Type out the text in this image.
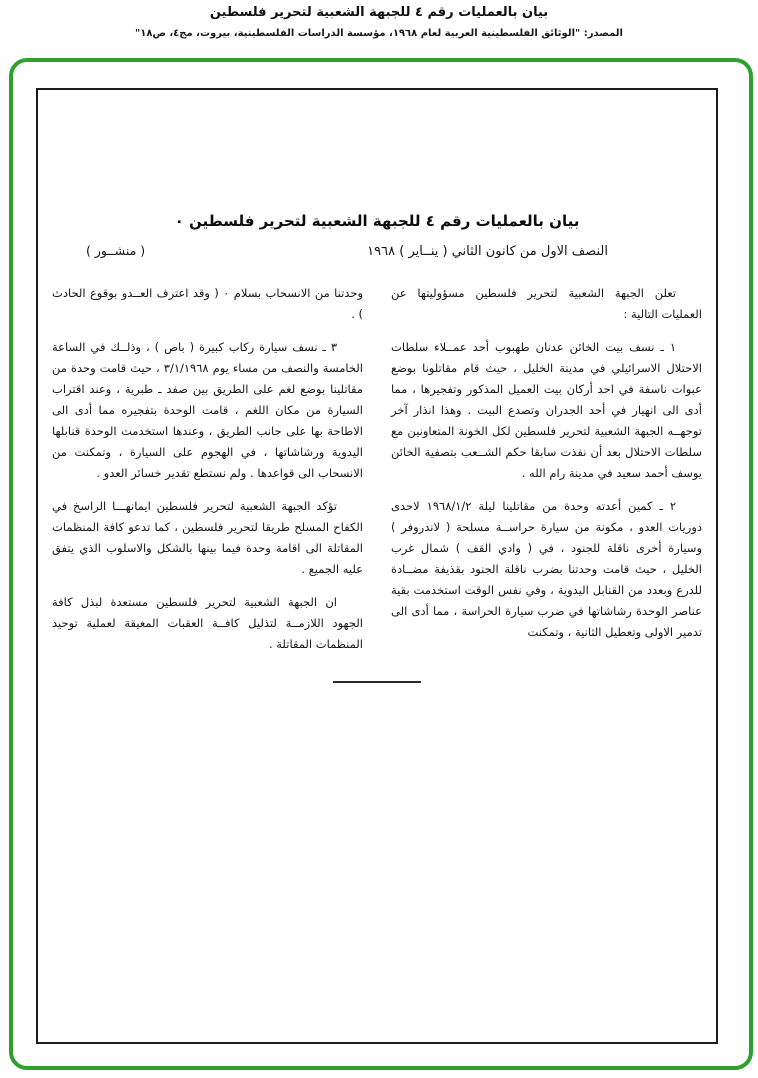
بيان بالعمليات رقم ٤ للجبهة الشعبية لتحرير فلسطين
المصدر: "الوثائق الفلسطينية العربية لعام ١٩٦٨، مؤسسة الدراسات الفلسطينية، بيروت، مج٤، ص١٨"
بيان بالعمليات رقم ٤ للجبهة الشعبية لتحرير فلسطين ٠
النصف الاول من كانون الثاني ( ينــاير ) ١٩٦٨
( منشــور )

تعلن الجبهة الشعبية لتحرير فلسطين مسؤوليتها عن العمليات التالية :

١ ـ نسف بيت الخائن عدنان طهبوب أحد عمــلاء سلطات الاحتلال الاسرائيلي في مدينة الخليل ، حيث قام مقاتلونا بوضع عبوات ناسفة في احد أركان بيت العميل المذكور وتفجيرها ، مما أدى الى انهيار في أحد الجدران وتصدع البيت . وهذا انذار آخر توجهــه الجبهة الشعبية لتحرير فلسطين لكل الخونة المتعاونين مع سلطات الاحتلال بعد أن نفذت سابقا حكم الشــعب بتصفية الخائن يوسف أحمد سعيد في مدينة رام الله .

٢ ـ كمين أعدته وحدة من مقاتلينا ليلة ١٩٦٨/١/٢ لاحدى دوريات العدو ، مكونة من سيارة حراســة مسلحة ( لاندروفر ) وسيارة أخرى ناقلة للجنود ، في ( وادي القف ) شمال غرب الخليل ، حيث قامت وحدتنا بضرب ناقلة الجنود بقذيفة مضــادة للدرع وبعدد من القنابل اليدوية ، وفي نفس الوقت استخدمت بقية عناصر الوحدة رشاشاتها في ضرب سيارة الحراسة ، مما أدى الى تدمير الاولى وتعطيل الثانية ، وتمكنت

وحدتنا من الانسحاب بسلام ٠ ( وقد اعترف العــدو بوقوع الحادث ) .

٣ ـ نسف سيارة ركاب كبيرة ( باص ) ، وذلــك في الساعة الخامسة والنصف من مساء يوم ٣/١/١٩٦٨ ، حيث قامت وحدة من مقاتلينا بوضع لغم على الطريق بين صفد ـ طبرية ، وعند اقتراب السيارة من مكان اللغم ، قامت الوحدة بتفجيره مما أدى الى الاطاحة بها على جانب الطريق ، وعندها استخدمت الوحدة قنابلها اليدوية ورشاشاتها ، في الهجوم على السيارة ، وتمكنت من الانسحاب الى قواعدها . ولم نستطع تقدير خسائر العدو .

تؤكد الجبهة الشعبية لتحرير فلسطين ايمانهـــا الراسخ في الكفاح المسلح طريقا لتحرير فلسطين ، كما تدعو كافة المنظمات المقاتلة الى اقامة وحدة فيما بينها بالشكل والاسلوب الذي يتفق عليه الجميع .

ان الجبهة الشعبية لتحرير فلسطين مستعدة لبذل كافة الجهود اللازمــة لتذليل كافــة العقبات المعيقة لعملية توحيد المنظمات المقاتلة .
